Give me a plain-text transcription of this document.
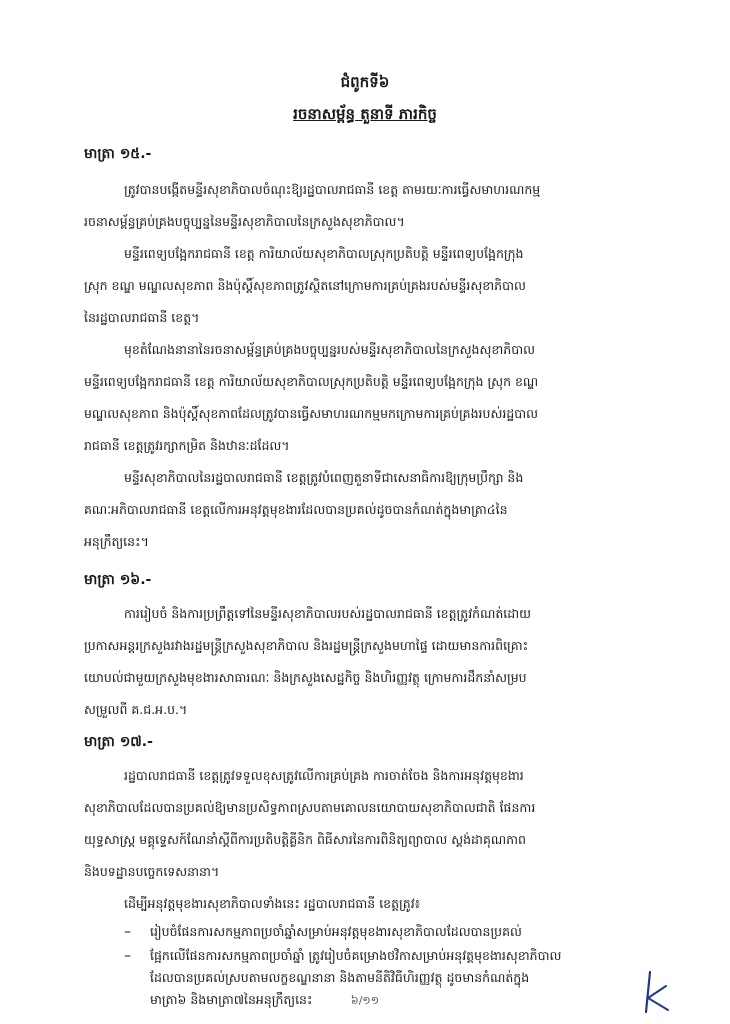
ជំពូកទី៦
រចនាសម្ព័ន្ធ តួនាទី ភារកិច្ច
មាត្រា ១៥.-
ត្រូវបានបង្កើតមន្ទីរសុខាភិបាលចំណុះឱ្យរដ្ឋបាលរាជធានី ខេត្ត តាមរយៈការធ្វើសមាហរណកម្ម
រចនាសម្ព័ន្ធគ្រប់គ្រងបច្ចុប្បន្ននៃមន្ទីរសុខាភិបាលនៃក្រសួងសុខាភិបាល។
មន្ទីរពេទ្យបង្អែករាជធានី ខេត្ត ការិយាល័យសុខាភិបាលស្រុកប្រតិបត្តិ មន្ទីរពេទ្យបង្អែកក្រុង
ស្រុក ខណ្ឌ មណ្ឌលសុខភាព និងប៉ុស្តិ៍សុខភាពត្រូវស្ថិតនៅក្រោមការគ្រប់គ្រងរបស់មន្ទីរសុខាភិបាល
នៃរដ្ឋបាលរាជធានី ខេត្ត។
មុខតំណែងនានានៃរចនាសម្ព័ន្ធគ្រប់គ្រងបច្ចុប្បន្នរបស់មន្ទីរសុខាភិបាលនៃក្រសួងសុខាភិបាល
មន្ទីរពេទ្យបង្អែករាជធានី ខេត្ត ការិយាល័យសុខាភិបាលស្រុកប្រតិបត្តិ មន្ទីរពេទ្យបង្អែកក្រុង ស្រុក ខណ្ឌ
មណ្ឌលសុខភាព និងប៉ុស្តិ៍សុខភាពដែលត្រូវបានធ្វើសមាហរណកម្មមកក្រោមការគ្រប់គ្រងរបស់រដ្ឋបាល
រាជធានី ខេត្តត្រូវរក្សាកម្រិត និងឋានៈដដែល។
មន្ទីរសុខាភិបាលនៃរដ្ឋបាលរាជធានី ខេត្តត្រូវបំពេញតួនាទីជាសេនាធិការឱ្យក្រុមប្រឹក្សា និង
គណៈអភិបាលរាជធានី ខេត្តលើការអនុវត្តមុខងារដែលបានប្រគល់ដូចបានកំណត់ក្នុងមាត្រា៤នៃ
អនុក្រឹត្យនេះ។
មាត្រា ១៦.-
ការរៀបចំ និងការប្រព្រឹត្តទៅនៃមន្ទីរសុខាភិបាលរបស់រដ្ឋបាលរាជធានី ខេត្តត្រូវកំណត់ដោយ
ប្រកាសអន្តរក្រសួងរវាងរដ្ឋមន្ត្រីក្រសួងសុខាភិបាល និងរដ្ឋមន្ត្រីក្រសួងមហាផ្ទៃ ដោយមានការពិគ្រោះ
យោបល់ជាមួយក្រសួងមុខងារសាធារណៈ និងក្រសួងសេដ្ឋកិច្ច និងហិរញ្ញវត្ថុ ក្រោមការដឹកនាំសម្រប
សម្រួលពី គ.ជ.អ.ប.។
មាត្រា ១៧.-
រដ្ឋបាលរាជធានី ខេត្តត្រូវទទួលខុសត្រូវលើការគ្រប់គ្រង ការចាត់ចែង និងការអនុវត្តមុខងារ
សុខាភិបាលដែលបានប្រគល់ឱ្យមានប្រសិទ្ធភាពស្របតាមគោលនយោបាយសុខាភិបាលជាតិ ផែនការ
យុទ្ធសាស្ត្រ មគ្គុទ្ទេសក៍ណែនាំស្តីពីការប្រតិបត្តិគ្លីនិក ពិធីសារនៃការពិនិត្យព្យាបាល ស្តង់ដាគុណភាព
និងបទដ្ឋានបច្ចេកទេសនានា។
ដើម្បីអនុវត្តមុខងារសុខាភិបាលទាំងនេះ រដ្ឋបាលរាជធានី ខេត្តត្រូវ៖
– រៀបចំផែនការសកម្មភាពប្រចាំឆ្នាំសម្រាប់អនុវត្តមុខងារសុខាភិបាលដែលបានប្រគល់
– ផ្អែកលើផែនការសកម្មភាពប្រចាំឆ្នាំ ត្រូវរៀបចំគម្រោងថវិកាសម្រាប់អនុវត្តមុខងារសុខាភិបាល
ដែលបានប្រគល់ស្របតាមលក្ខខណ្ឌនានា និងតាមនីតិវិធីហិរញ្ញវត្ថុ ដូចមានកំណត់ក្នុង
មាត្រា៦ និងមាត្រា៧នៃអនុក្រឹត្យនេះ	៦/១១
